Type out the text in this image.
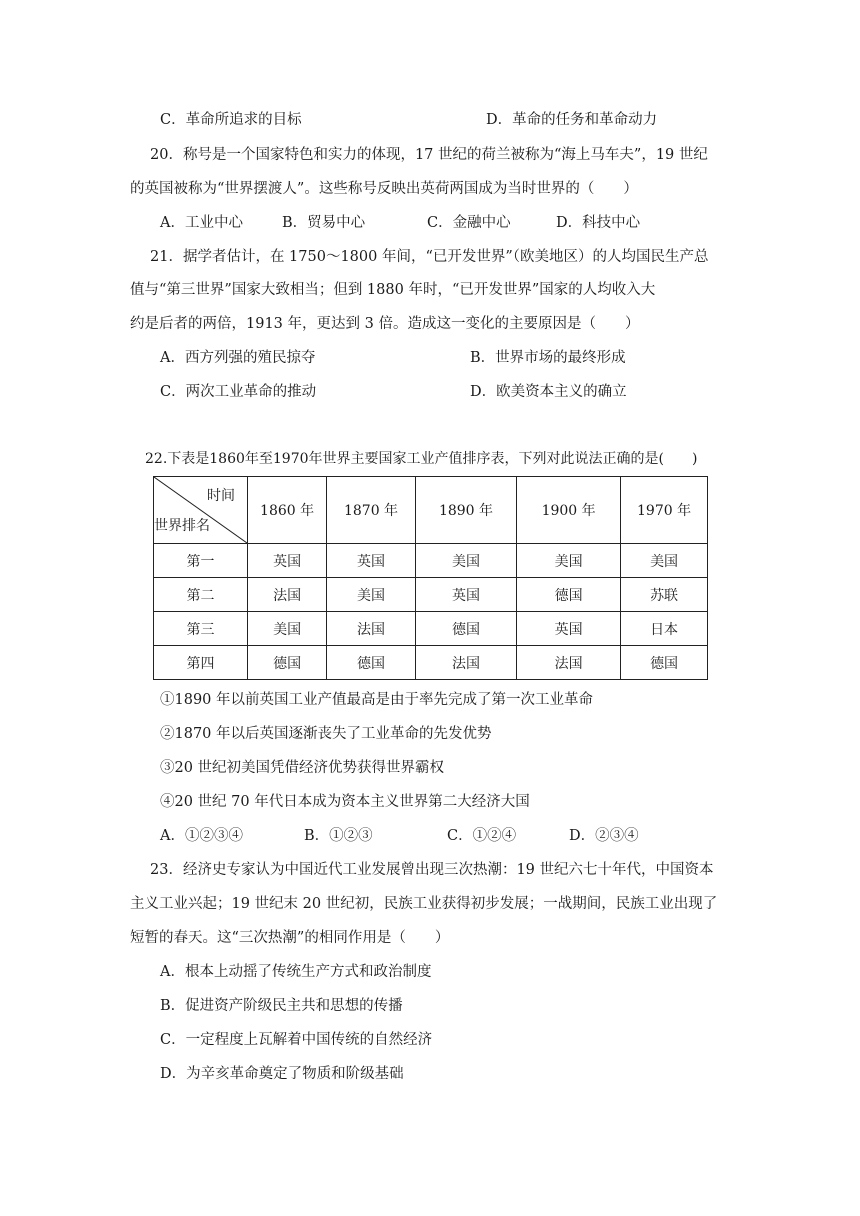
C．革命所追求的目标	D．革命的任务和革命动力
20．称号是一个国家特色和实力的体现，17 世纪的荷兰被称为“海上马车夫”，19 世纪
的英国被称为“世界摆渡人”。这些称号反映出英荷两国成为当时世界的（　　）
A．工业中心	B．贸易中心	C．金融中心	D．科技中心
21．据学者估计，在 1750～1800 年间，“已开发世界”（欧美地区）的人均国民生产总
值与“第三世界”国家大致相当；但到 1880 年时，“已开发世界”国家的人均收入大
约是后者的两倍，1913 年，更达到 3 倍。造成这一变化的主要原因是（　　）
A．西方列强的殖民掠夺	B．世界市场的最终形成
C．两次工业革命的推动	D．欧美资本主义的确立
22.下表是1860年至1970年世界主要国家工业产值排序表，下列对此说法正确的是(　　)
时间
世界排名	1860 年	1870 年	1890 年	1900 年	1970 年
第一	英国	英国	美国	美国	美国
第二	法国	美国	英国	德国	苏联
第三	美国	法国	德国	英国	日本
第四	德国	德国	法国	法国	德国
①1890 年以前英国工业产值最高是由于率先完成了第一次工业革命
②1870 年以后英国逐渐丧失了工业革命的先发优势
③20 世纪初美国凭借经济优势获得世界霸权
④20 世纪 70 年代日本成为资本主义世界第二大经济大国
A．①②③④	B．①②③	C．①②④	D．②③④
23．经济史专家认为中国近代工业发展曾出现三次热潮：19 世纪六七十年代，中国资本
主义工业兴起；19 世纪末 20 世纪初，民族工业获得初步发展；一战期间，民族工业出现了
短暂的春天。这“三次热潮”的相同作用是（　　）
A．根本上动摇了传统生产方式和政治制度
B．促进资产阶级民主共和思想的传播
C．一定程度上瓦解着中国传统的自然经济
D．为辛亥革命奠定了物质和阶级基础
